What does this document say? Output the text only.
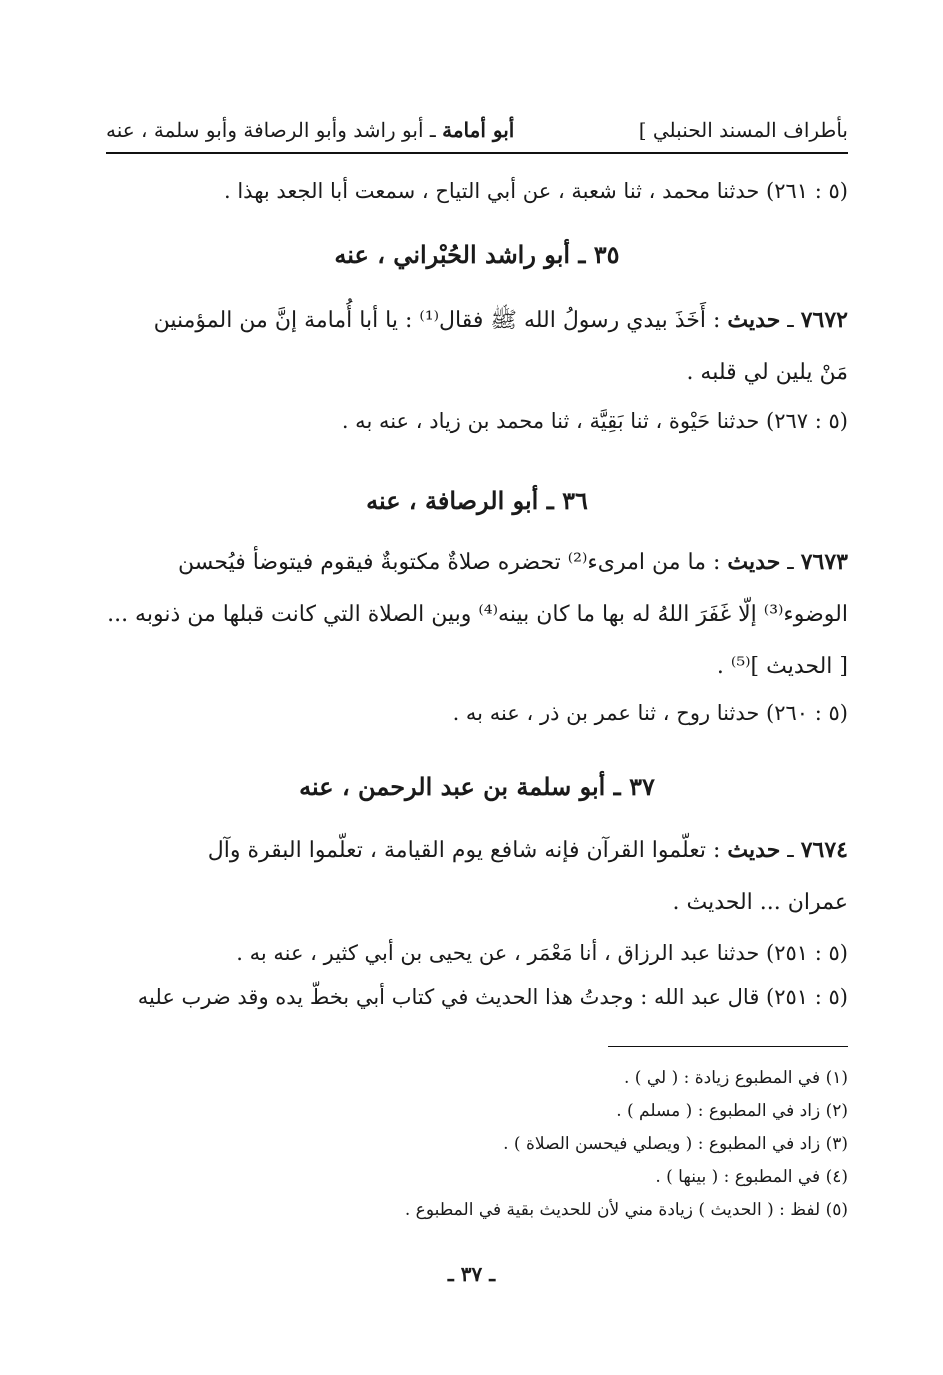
بأطراف المسند الحنبلي ]
أبو أمامة ـ أبو راشد وأبو الرصافة وأبو سلمة ، عنه
(٥ : ٢٦١) حدثنا محمد ، ثنا شعبة ، عن أبي التياح ، سمعت أبا الجعد بهذا .
٣٥ ـ أبو راشد الحُبْراني ، عنه
٧٦٧٢ ـ حديث : أَخَذَ بيدي رسولُ الله ﷺ فقال⁽¹⁾ : يا أبا أُمامة إنَّ من المؤمنين
مَنْ يلين لي قلبه .
(٥ : ٢٦٧) حدثنا حَيْوة ، ثنا بَقِيَّة ، ثنا محمد بن زياد ، عنه به .
٣٦ ـ أبو الرصافة ، عنه
٧٦٧٣ ـ حديث : ما من امرىء⁽²⁾ تحضره صلاةٌ مكتوبةٌ فيقوم فيتوضأ فيُحسن
الوضوء⁽³⁾ إلّا غَفَرَ اللهُ له بها ما كان بينه⁽⁴⁾ وبين الصلاة التي كانت قبلها من ذنوبه ...
[ الحديث ]⁽⁵⁾ .
(٥ : ٢٦٠) حدثنا روح ، ثنا عمر بن ذر ، عنه به .
٣٧ ـ أبو سلمة بن عبد الرحمن ، عنه
٧٦٧٤ ـ حديث : تعلّموا القرآن فإنه شافع يوم القيامة ، تعلّموا البقرة وآل
عمران ... الحديث .
(٥ : ٢٥١) حدثنا عبد الرزاق ، أنا مَعْمَر ، عن يحيى بن أبي كثير ، عنه به .
(٥ : ٢٥١) قال عبد الله : وجدتُ هذا الحديث في كتاب أبي بخطّ يده وقد ضرب عليه
(١) في المطبوع زيادة : ( لي ) .
(٢) زاد في المطبوع : ( مسلم ) .
(٣) زاد في المطبوع : ( ويصلي فيحسن الصلاة ) .
(٤) في المطبوع : ( بينها ) .
(٥) لفظ : ( الحديث ) زيادة مني لأن للحديث بقية في المطبوع .
ـ ٣٧ ـ
